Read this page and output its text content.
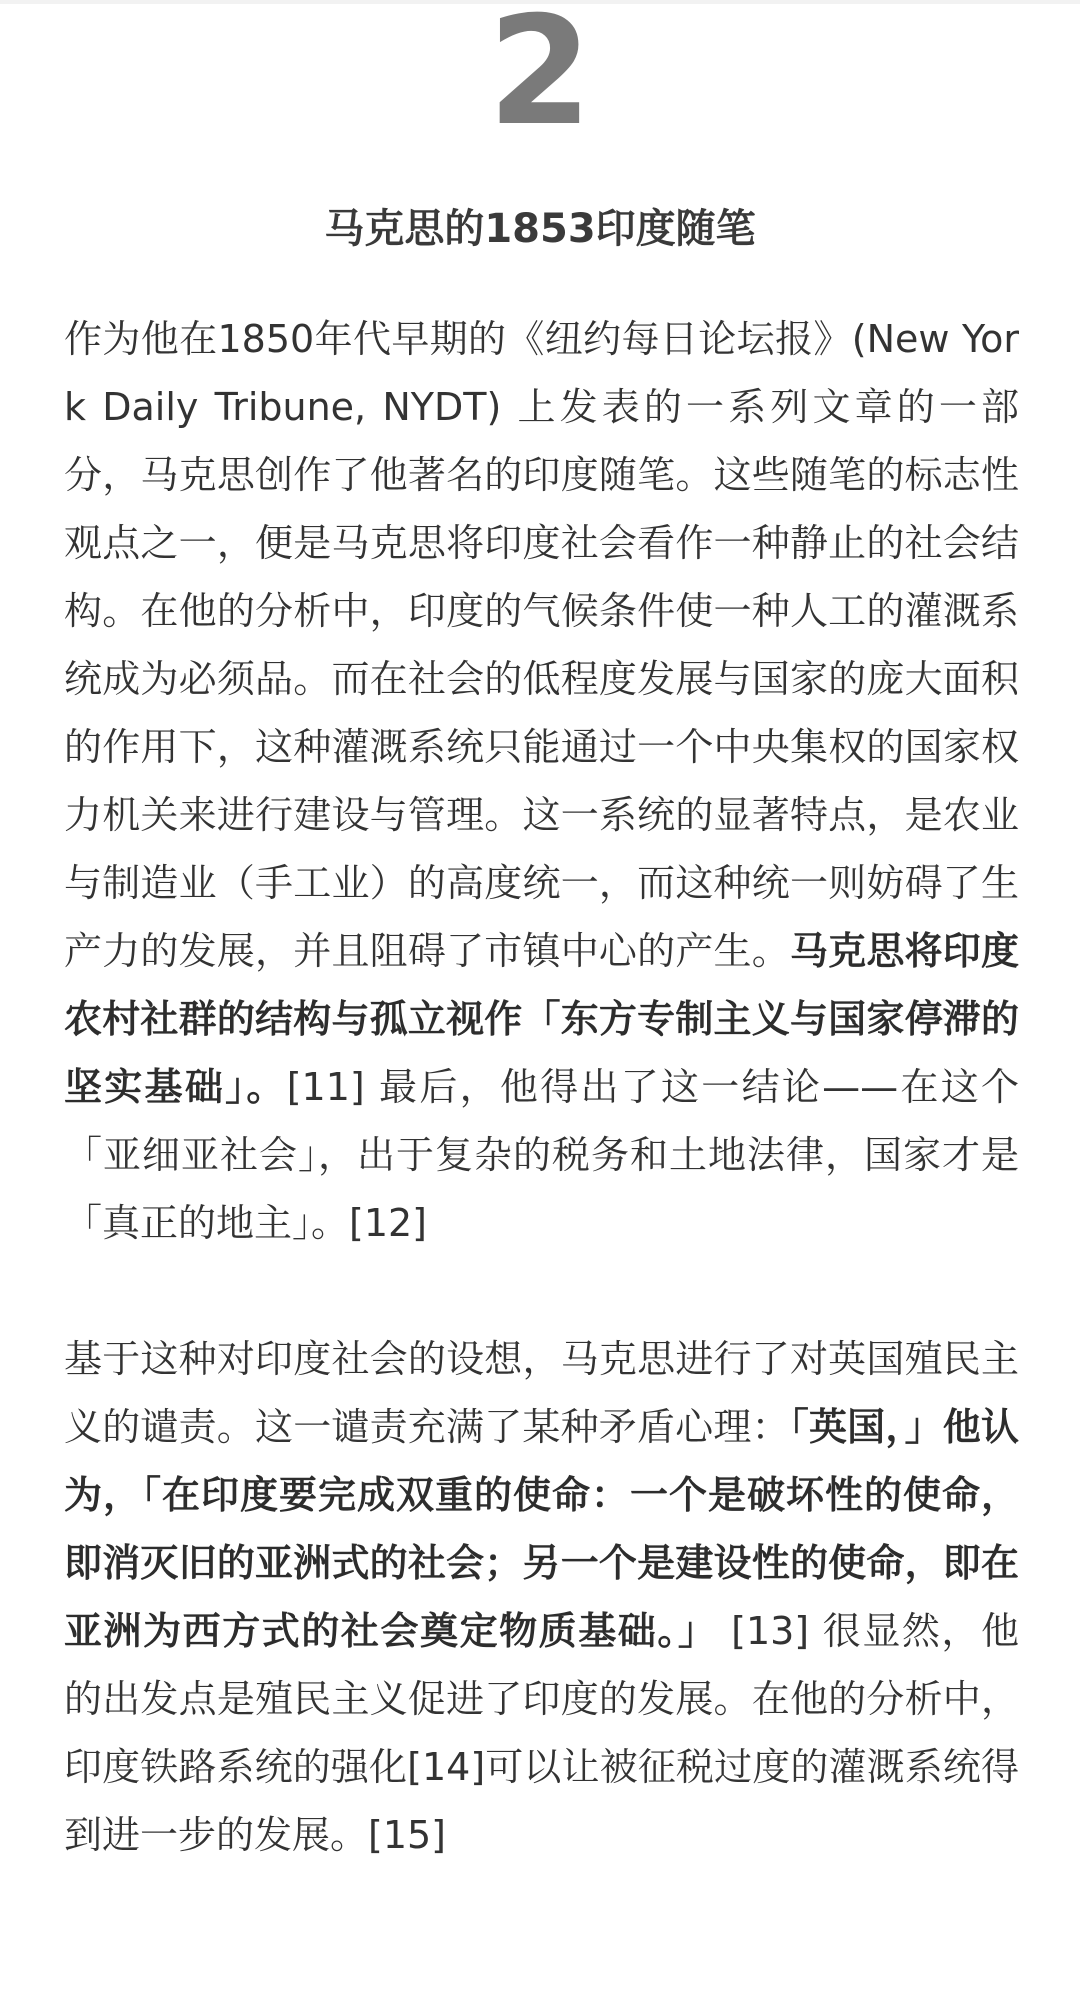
2
马克思的1853印度随笔

作为他在1850年代早期的《纽约每日论坛报》(New York Daily Tribune, NYDT) 上发表的一系列文章的一部分，马克思创作了他著名的印度随笔。这些随笔的标志性观点之一，便是马克思将印度社会看作一种静止的社会结构。在他的分析中，印度的气候条件使一种人工的灌溉系统成为必须品。而在社会的低程度发展与国家的庞大面积的作用下，这种灌溉系统只能通过一个中央集权的国家权力机关来进行建设与管理。这一系统的显著特点，是农业与制造业（手工业）的高度统一，而这种统一则妨碍了生产力的发展，并且阻碍了市镇中心的产生。马克思将印度农村社群的结构与孤立视作「东方专制主义与国家停滞的坚实基础」。[11] 最后，他得出了这一结论——在这个「亚细亚社会」，出于复杂的税务和土地法律，国家才是「真正的地主」。[12]

基于这种对印度社会的设想，马克思进行了对英国殖民主义的谴责。这一谴责充满了某种矛盾心理：「英国，」他认为，「在印度要完成双重的使命：一个是破坏性的使命，即消灭旧的亚洲式的社会；另一个是建设性的使命，即在亚洲为西方式的社会奠定物质基础。」 [13] 很显然，他的出发点是殖民主义促进了印度的发展。在他的分析中，印度铁路系统的强化[14]可以让被征税过度的灌溉系统得到进一步的发展。[15]
